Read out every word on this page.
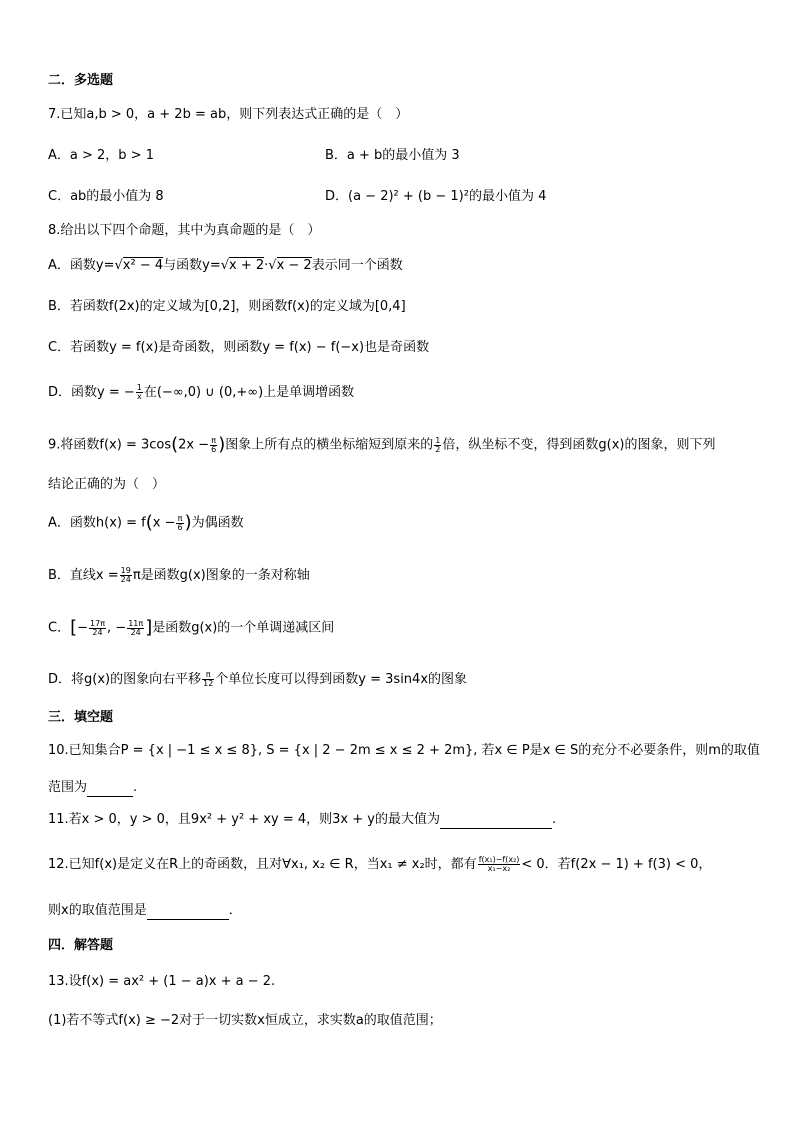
二．多选题
7.已知a,b > 0，a + 2b = ab，则下列表达式正确的是（　）
A．a > 2，b > 1	B．a + b的最小值为 3
C．ab的最小值为 8	D．(a − 2)² + (b − 1)²的最小值为 4
8.给出以下四个命题，其中为真命题的是（　）
A．函数y=√x² − 4与函数y=√x + 2·√x − 2表示同一个函数
B．若函数f(2x)的定义域为[0,2]，则函数f(x)的定义域为[0,4]
C．若函数y = f(x)是奇函数，则函数y = f(x) − f(−x)也是奇函数
D．函数y = − $\frac{1}{x}$ 在(−∞,0) ∪ (0,+∞)上是单调增函数
9.将函数$f(x) = 3\cos(2x - \frac{\pi}{6}$ )图象上所有点的横坐标缩短到原来的 $\frac{1}{2}$ 倍，纵坐标不变，得到函数g(x)的图象，则下列
结论正确的为（　）
A．函数$h(x) = f(x - \frac{\pi}{6}$ )为偶函数
B．直线$x = \frac{19}{24}$ π是函数g(x)图象的一条对称轴
C．[− $\frac{17\pi}{24}$ , − $\frac{11\pi}{24}$ ]是函数g(x)的一个单调递减区间
D．将g(x)的图象向右平移 $\frac{\pi}{12}$ 个单位长度可以得到函数y = 3sin4x的图象
三．填空题
10.已知集合P = {x | −1 ≤ x ≤ 8}, S = {x | 2 − 2m ≤ x ≤ 2 + 2m}, 若x ∈ P是x ∈ S的充分不必要条件，则m的取值
范围为	.
11.若x > 0，y > 0，且9x² + y² + xy = 4，则3x + y的最大值为	.
12.已知f(x)是定义在R上的奇函数，且对∀x₁, x₂ ∈ R，当x₁ ≠ x₂时，都有 $\frac{\text{f(x₁)−f(x₂)}}{\text{x₁−x₂}} < 0$．若f(2x − 1) + f(3) < 0，
则x的取值范围是	．
四．解答题
13.设f(x) = ax² + (1 − a)x + a − 2.
(1)若不等式f(x) ≥ −2对于一切实数x恒成立，求实数a的取值范围；
